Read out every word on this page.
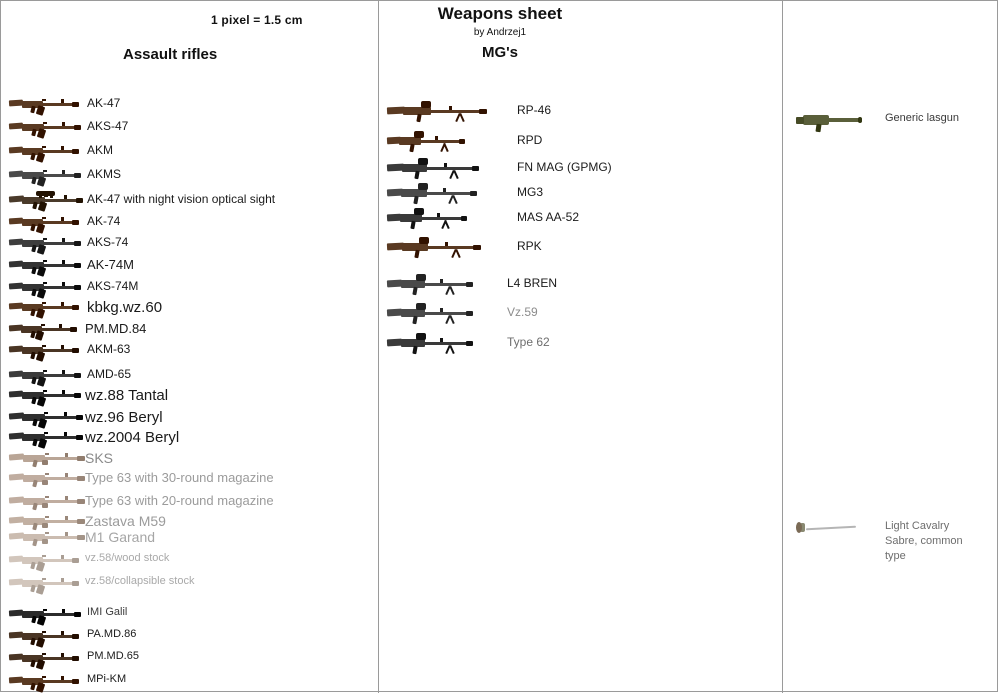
1 pixel = 1.5 cm	Weapons sheet
by Andrzej1
Assault rifles	MG's
AK-47
AKS-47
AKM
AKMS
AK-47 with night vision optical sight
AK-74
AKS-74
AK-74M
AKS-74M
kbkg.wz.60
PM.MD.84
AKM-63
AMD-65
wz.88 Tantal
wz.96 Beryl
wz.2004 Beryl
SKS
Type 63 with 30-round magazine
Type 63 with 20-round magazine
Zastava M59
M1 Garand
vz.58/wood stock
vz.58/collapsible stock
IMI Galil
PA.MD.86
PM.MD.65
MPi-KM
RP-46
RPD
FN MAG (GPMG)
MG3
MAS AA-52
RPK
L4 BREN
Vz.59
Type 62
Generic lasgun
Light Cavalry Sabre, common type
